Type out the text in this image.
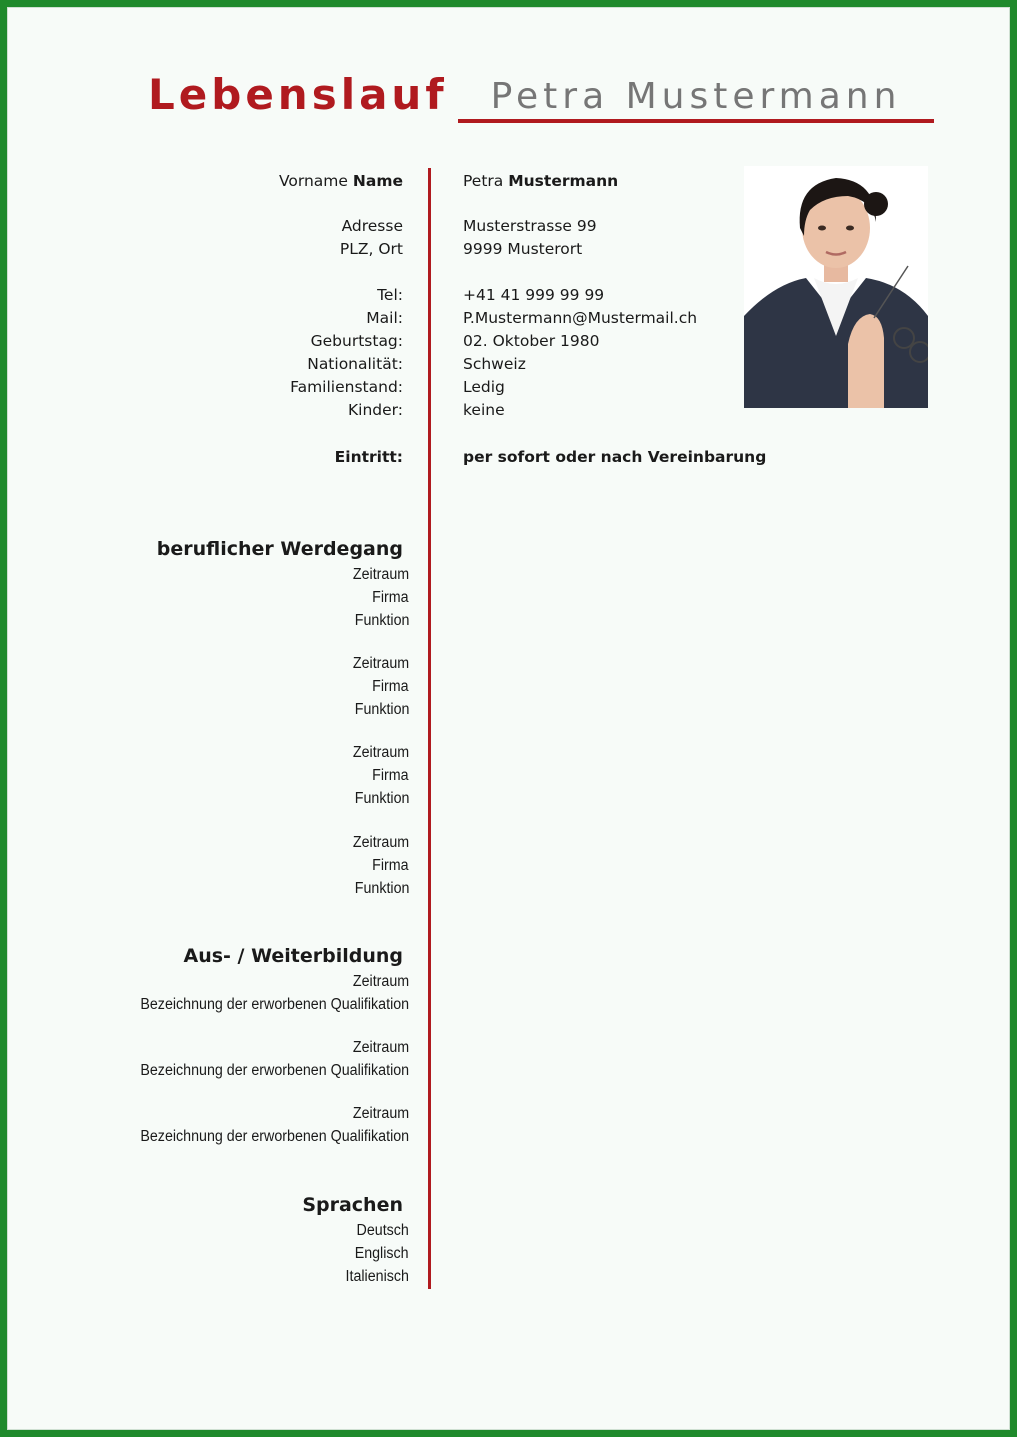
Lebenslauf	Petra Mustermann
Vorname Name	Petra Mustermann
Adresse	Musterstrasse 99
PLZ, Ort	9999 Musterort
Tel:	+41 41 999 99 99
Mail:	P.Mustermann@Mustermail.ch
Geburtstag:	02. Oktober 1980
Nationalität:	Schweiz
Familienstand:	Ledig
Kinder:	keine
Eintritt:	per sofort oder nach Vereinbarung
beruflicher Werdegang
Zeitraum
Firma
Funktion
Zeitraum
Firma
Funktion
Zeitraum
Firma
Funktion
Zeitraum
Firma
Funktion
Aus- / Weiterbildung
Zeitraum
Bezeichnung der erworbenen Qualifikation
Zeitraum
Bezeichnung der erworbenen Qualifikation
Zeitraum
Bezeichnung der erworbenen Qualifikation
Sprachen
Deutsch
Englisch
Italienisch
